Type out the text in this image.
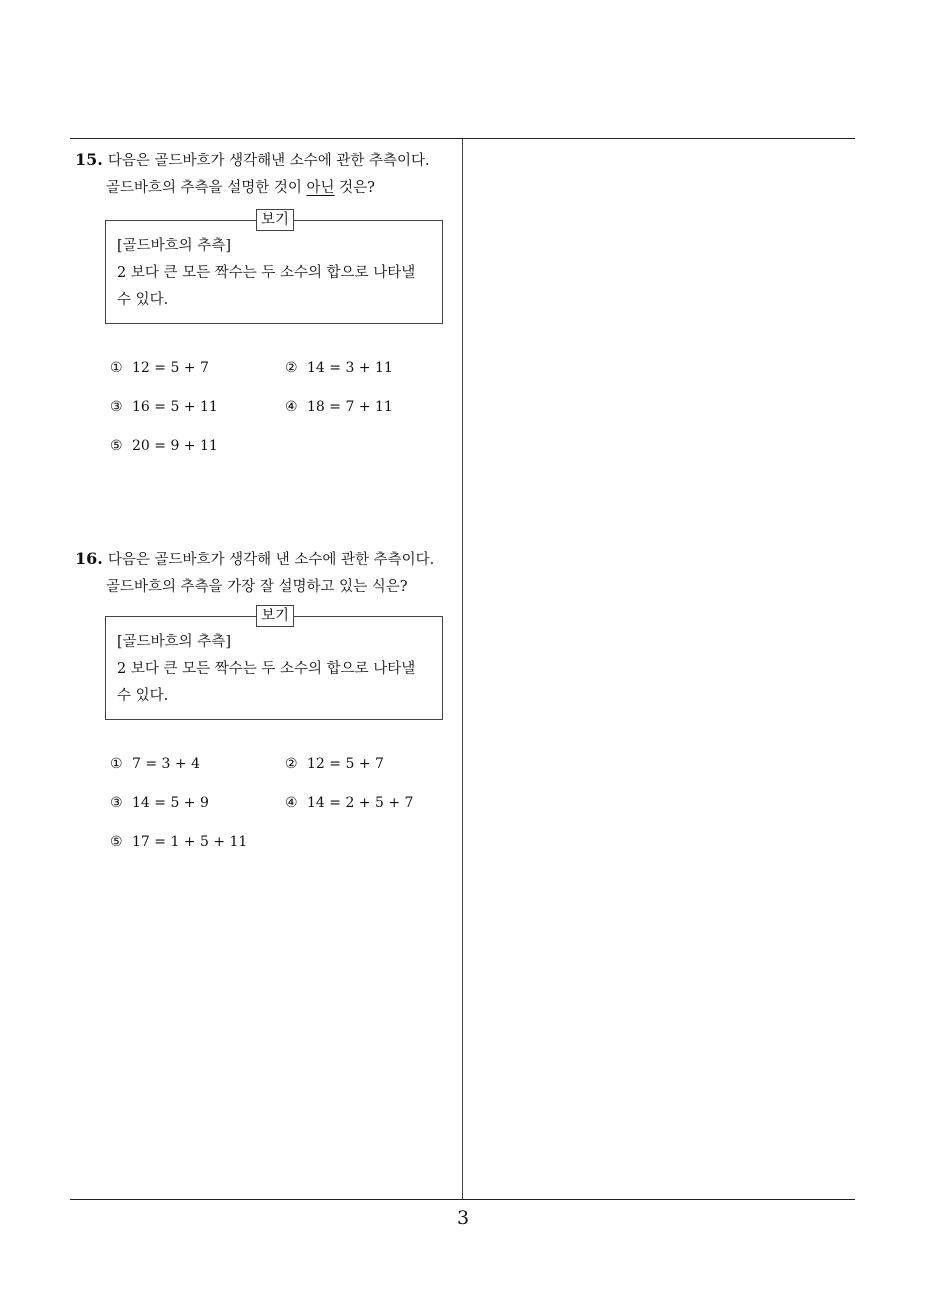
15. 다음은 골드바흐가 생각해낸 소수에 관한 추측이다.
골드바흐의 추측을 설명한 것이 아닌 것은?
보기
[골드바흐의 추측]
2 보다 큰 모든 짝수는 두 소수의 합으로 나타낼
수 있다.
① 12 = 5 + 7	② 14 = 3 + 11
③ 16 = 5 + 11	④ 18 = 7 + 11
⑤ 20 = 9 + 11
16. 다음은 골드바흐가 생각해 낸 소수에 관한 추측이다.
골드바흐의 추측을 가장 잘 설명하고 있는 식은?
보기
[골드바흐의 추측]
2 보다 큰 모든 짝수는 두 소수의 합으로 나타낼
수 있다.
① 7 = 3 + 4	② 12 = 5 + 7
③ 14 = 5 + 9	④ 14 = 2 + 5 + 7
⑤ 17 = 1 + 5 + 11
3
